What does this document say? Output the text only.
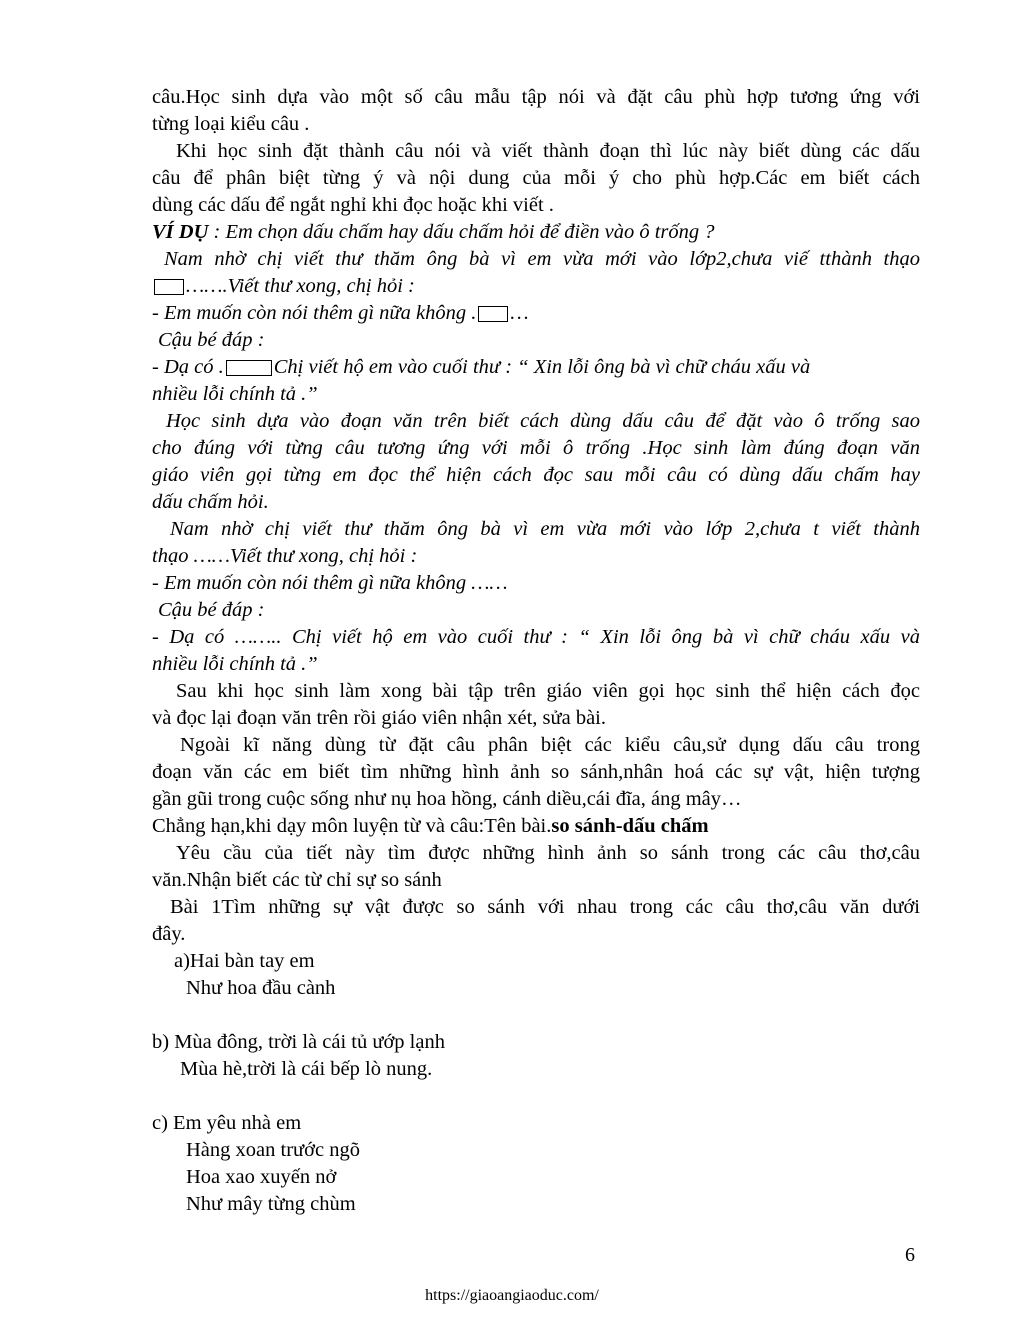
câu.Học sinh dựa vào một số câu mẫu tập nói và đặt câu phù hợp tương ứng với
từng loại kiểu câu .
Khi học sinh đặt thành câu nói và viết thành đoạn thì lúc này biết dùng các dấu
câu để phân biệt từng ý và nội dung của mỗi ý cho phù hợp.Các em biết cách
dùng các dấu để ngắt nghỉ khi đọc hoặc khi viết .
VÍ DỤ : Em chọn dấu chấm hay dấu chấm hỏi để điền vào ô trống ?
Nam nhờ chị viết thư thăm ông bà vì em vừa mới vào lớp2,chưa viế tthành thạo
…….Viết thư xong, chị hỏi :
- Em muốn còn nói thêm gì nữa không . …
Cậu bé đáp :
- Dạ có . Chị viết hộ em vào cuối thư : “ Xin lỗi ông bà vì chữ cháu xấu và
nhiều lỗi chính tả .”
Học sinh dựa vào đoạn văn trên biết cách dùng dấu câu để đặt vào ô trống sao
cho đúng với từng câu tương ứng với mỗi ô trống .Học sinh làm đúng đoạn văn
giáo viên gọi từng em đọc thể hiện cách đọc sau mỗi câu có dùng dấu chấm hay
dấu chấm hỏi.
Nam nhờ chị viết thư thăm ông bà vì em vừa mới vào lớp 2,chưa t viết thành
thạo ……Viết thư xong, chị hỏi :
- Em muốn còn nói thêm gì nữa không ……
Cậu bé đáp :
- Dạ có …….. Chị viết hộ em vào cuối thư : “ Xin lỗi ông bà vì chữ cháu xấu và
nhiều lỗi chính tả .”
Sau khi học sinh làm xong bài tập trên giáo viên gọi học sinh thể hiện cách đọc
và đọc lại đoạn văn trên rồi giáo viên nhận xét, sửa bài.
Ngoài kĩ năng dùng từ đặt câu phân biệt các kiểu câu,sử dụng dấu câu trong
đoạn văn các em biết tìm những hình ảnh so sánh,nhân hoá các sự vật, hiện tượng
gần gũi trong cuộc sống như nụ hoa hồng, cánh diều,cái đĩa, áng mây…
Chẳng hạn,khi dạy môn luyện từ và câu:Tên bài.so sánh-dấu chấm
Yêu cầu của tiết này tìm được những hình ảnh so sánh trong các câu thơ,câu
văn.Nhận biết các từ chỉ sự so sánh
Bài 1Tìm những sự vật được so sánh với nhau trong các câu thơ,câu văn dưới
đây.
a)Hai bàn tay em
Như hoa đầu cành
b) Mùa đông, trời là cái tủ ướp lạnh
Mùa hè,trời là cái bếp lò nung.
c) Em yêu nhà em
Hàng xoan trước ngõ
Hoa xao xuyến nở
Như mây từng chùm
6
https://giaoangiaoduc.com/
